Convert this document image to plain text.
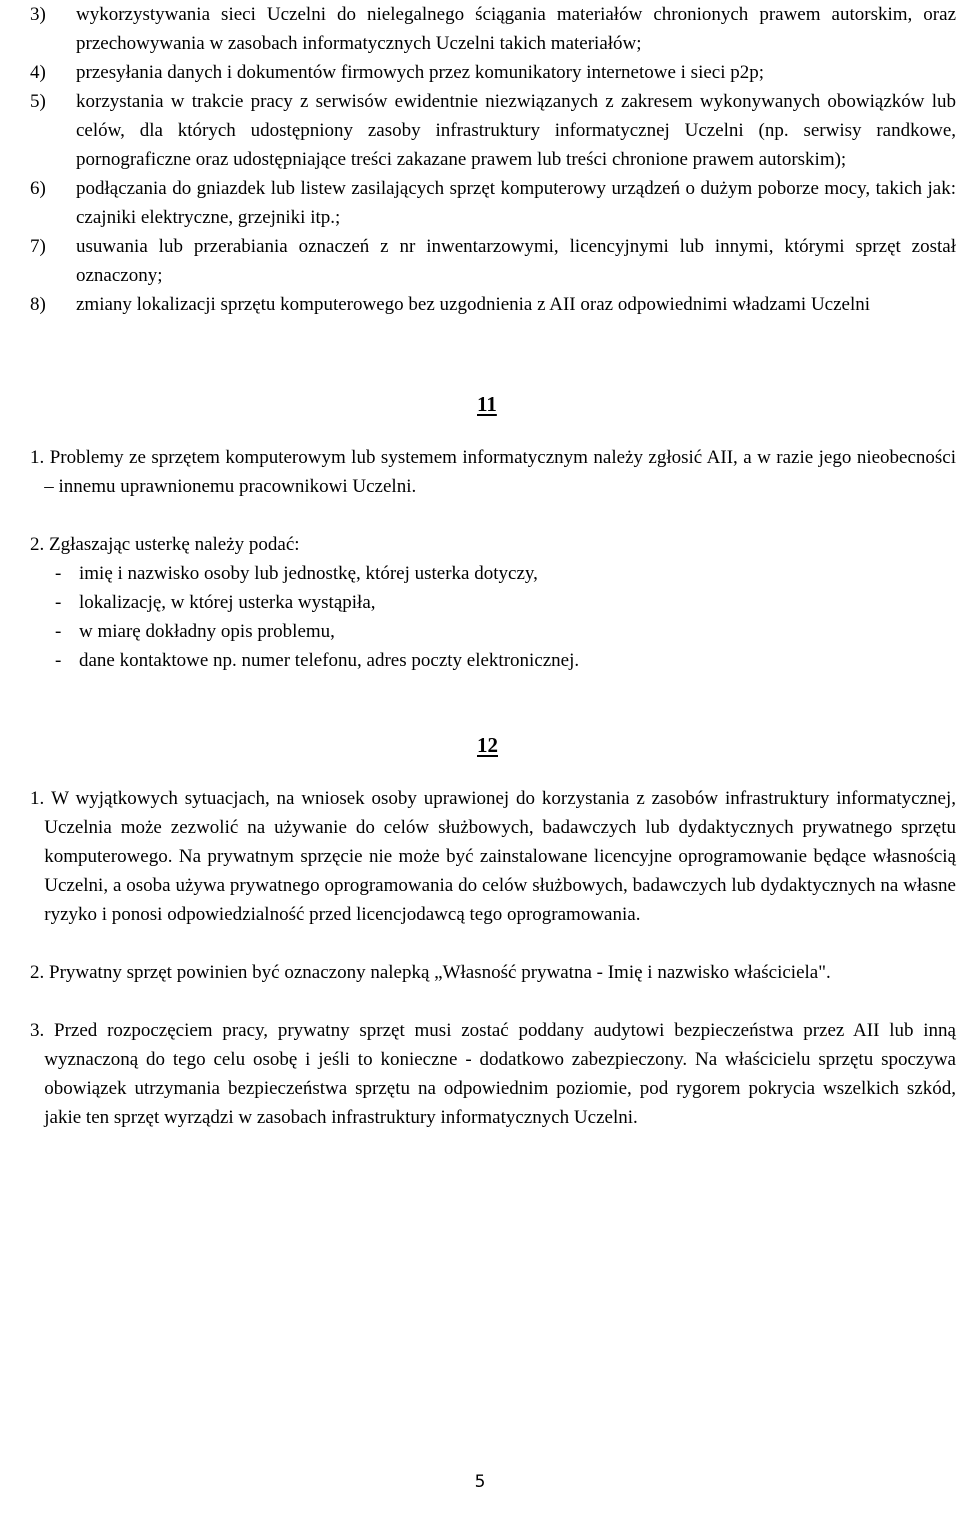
3)	wykorzystywania sieci Uczelni do nielegalnego ściągania materiałów chronionych prawem autorskim, oraz przechowywania w zasobach informatycznych Uczelni takich materiałów;
4)	przesyłania danych i dokumentów firmowych przez komunikatory internetowe i sieci p2p;
5)	korzystania w trakcie pracy z serwisów ewidentnie niezwiązanych z zakresem wykonywanych obowiązków lub celów, dla których udostępniony zasoby infrastruktury informatycznej Uczelni (np. serwisy randkowe, pornograficzne oraz udostępniające treści zakazane prawem lub treści chronione prawem autorskim);
6)	podłączania do gniazdek lub listew zasilających sprzęt komputerowy urządzeń o dużym poborze mocy, takich jak: czajniki elektryczne, grzejniki itp.;
7)	usuwania lub przerabiania oznaczeń z nr inwentarzowymi, licencyjnymi lub innymi, którymi sprzęt został oznaczony;
8)	zmiany lokalizacji sprzętu komputerowego bez uzgodnienia z AII oraz odpowiednimi władzami Uczelni
11
1. Problemy ze sprzętem komputerowym lub systemem informatycznym należy zgłosić AII, a w razie jego nieobecności – innemu uprawnionemu pracownikowi Uczelni.
2. Zgłaszając usterkę należy podać:
- imię i nazwisko osoby lub jednostkę, której usterka dotyczy,
- lokalizację, w której usterka wystąpiła,
- w miarę dokładny opis problemu,
- dane kontaktowe np. numer telefonu, adres poczty elektronicznej.
12
1. W wyjątkowych sytuacjach, na wniosek osoby uprawionej do korzystania z zasobów infrastruktury informatycznej, Uczelnia może zezwolić na używanie do celów służbowych, badawczych lub dydaktycznych prywatnego sprzętu komputerowego. Na prywatnym sprzęcie nie może być zainstalowane licencyjne oprogramowanie będące własnością Uczelni, a osoba używa prywatnego oprogramowania do celów służbowych, badawczych lub dydaktycznych na własne ryzyko i ponosi odpowiedzialność przed licencjodawcą tego oprogramowania.
2. Prywatny sprzęt powinien być oznaczony nalepką „Własność prywatna - Imię i nazwisko właściciela".
3. Przed rozpoczęciem pracy, prywatny sprzęt musi zostać poddany audytowi bezpieczeństwa przez AII lub inną wyznaczoną do tego celu osobę i jeśli to konieczne - dodatkowo zabezpieczony. Na właścicielu sprzętu spoczywa obowiązek utrzymania bezpieczeństwa sprzętu na odpowiednim poziomie, pod rygorem pokrycia wszelkich szkód, jakie ten sprzęt wyrządzi w zasobach infrastruktury informatycznych Uczelni.
5
